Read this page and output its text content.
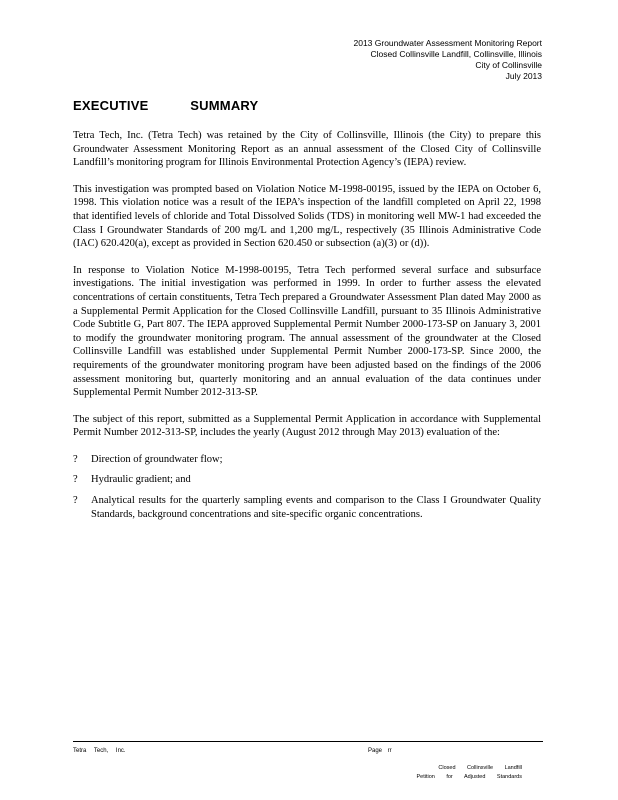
2013 Groundwater Assessment Monitoring Report
Closed Collinsville Landfill, Collinsville, Illinois
City of Collinsville
July 2013
EXECUTIVE SUMMARY

Tetra Tech, Inc. (Tetra Tech) was retained by the City of Collinsville, Illinois (the City) to prepare this Groundwater Assessment Monitoring Report as an annual assessment of the Closed City of Collinsville Landfill’s monitoring program for Illinois Environmental Protection Agency’s (IEPA) review.

This investigation was prompted based on Violation Notice M-1998-00195, issued by the IEPA on October 6, 1998. This violation notice was a result of the IEPA’s inspection of the landfill completed on April 22, 1998 that identified levels of chloride and Total Dissolved Solids (TDS) in monitoring well MW-1 had exceeded the Class I Groundwater Standards of 200 mg/L and 1,200 mg/L, respectively (35 Illinois Administrative Code (IAC) 620.420(a), except as provided in Section 620.450 or subsection (a)(3) or (d)).

In response to Violation Notice M-1998-00195, Tetra Tech performed several surface and subsurface investigations. The initial investigation was performed in 1999. In order to further assess the elevated concentrations of certain constituents, Tetra Tech prepared a Groundwater Assessment Plan dated May 2000 as a Supplemental Permit Application for the Closed Collinsville Landfill, pursuant to 35 Illinois Administrative Code Subtitle G, Part 807. The IEPA approved Supplemental Permit Number 2000-173-SP on January 3, 2001 to modify the groundwater monitoring program. The annual assessment of the groundwater at the Closed Collinsville Landfill was established under Supplemental Permit Number 2000-173-SP. Since 2000, the requirements of the groundwater monitoring program have been adjusted based on the findings of the 2006 assessment monitoring but, quarterly monitoring and an annual evaluation of the data continues under Supplemental Permit Number 2012-313-SP.

The subject of this report, submitted as a Supplemental Permit Application in accordance with Supplemental Permit Number 2012-313-SP, includes the yearly (August 2012 through May 2013) evaluation of the:

? Direction of groundwater flow;
? Hydraulic gradient; and
? Analytical results for the quarterly sampling events and comparison to the Class I Groundwater Quality Standards, background concentrations and site-specific organic concentrations.
Tetra Tech, Inc.	Page rr
Closed Collinsville Landfill
Petition for Adjusted Standards
